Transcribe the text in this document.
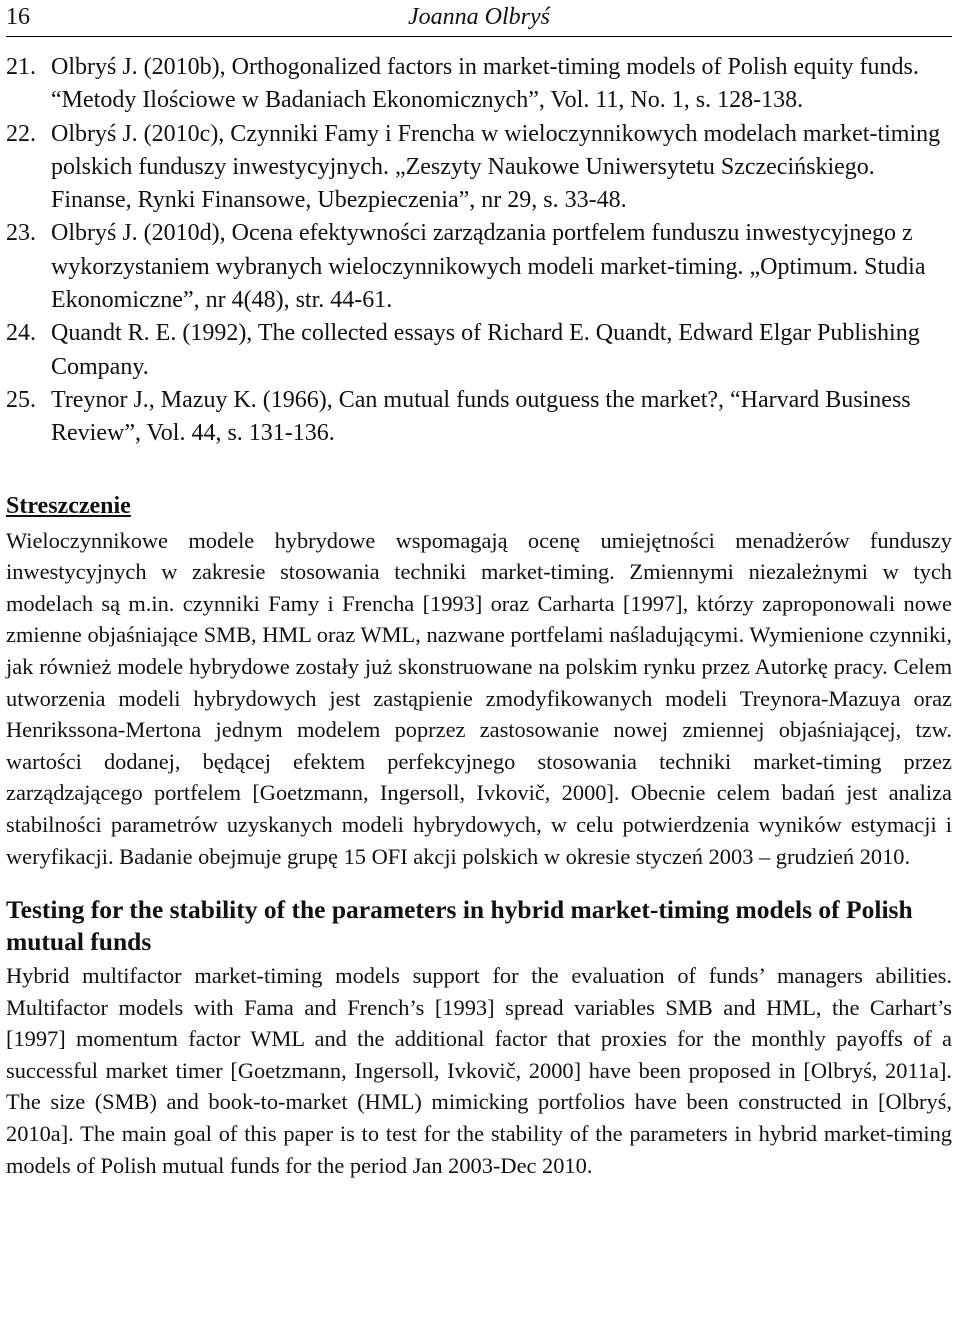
16	Joanna Olbryś
21. Olbryś J. (2010b), Orthogonalized factors in market-timing models of Polish equity funds. “Metody Ilościowe w Badaniach Ekonomicznych”, Vol. 11, No. 1, s. 128-138.
22. Olbryś J. (2010c), Czynniki Famy i Frencha w wieloczynnikowych modelach market-timing polskich funduszy inwestycyjnych. „Zeszyty Naukowe Uniwersytetu Szczecińskiego. Finanse, Rynki Finansowe, Ubezpieczenia”, nr 29, s. 33-48.
23. Olbryś J. (2010d), Ocena efektywności zarządzania portfelem funduszu inwestycyjnego z wykorzystaniem wybranych wieloczynnikowych modeli market-timing. „Optimum. Studia Ekonomiczne”, nr 4(48), str. 44-61.
24. Quandt R. E. (1992), The collected essays of Richard E. Quandt, Edward Elgar Publishing Company.
25. Treynor J., Mazuy K. (1966), Can mutual funds outguess the market?, “Harvard Business Review”, Vol. 44, s. 131-136.
Streszczenie
Wieloczynnikowe modele hybrydowe wspomagają ocenę umiejętności menadżerów funduszy inwestycyjnych w zakresie stosowania techniki market-timing. Zmiennymi niezależnymi w tych modelach są m.in. czynniki Famy i Frencha [1993] oraz Carharta [1997], którzy zaproponowali nowe zmienne objaśniające SMB, HML oraz WML, nazwane portfelami naśladującymi. Wymienione czynniki, jak również modele hybrydowe zostały już skonstruowane na polskim rynku przez Autorkę pracy. Celem utworzenia modeli hybrydowych jest zastąpienie zmodyfikowanych modeli Treynora-Mazuya oraz Henrikssona-Mertona jednym modelem poprzez zastosowanie nowej zmiennej objaśniającej, tzw. wartości dodanej, będącej efektem perfekcyjnego stosowania techniki market-timing przez zarządzającego portfelem [Goetzmann, Ingersoll, Ivkovič, 2000]. Obecnie celem badań jest analiza stabilności parametrów uzyskanych modeli hybrydowych, w celu potwierdzenia wyników estymacji i weryfikacji. Badanie obejmuje grupę 15 OFI akcji polskich w okresie styczeń 2003 – grudzień 2010.
Testing for the stability of the parameters in hybrid market-timing models of Polish mutual funds
Hybrid multifactor market-timing models support for the evaluation of funds’ managers abilities. Multifactor models with Fama and French’s [1993] spread variables SMB and HML, the Carhart’s [1997] momentum factor WML and the additional factor that proxies for the monthly payoffs of a successful market timer [Goetzmann, Ingersoll, Ivkovič, 2000] have been proposed in [Olbryś, 2011a]. The size (SMB) and book-to-market (HML) mimicking portfolios have been constructed in [Olbryś, 2010a]. The main goal of this paper is to test for the stability of the parameters in hybrid market-timing models of Polish mutual funds for the period Jan 2003-Dec 2010.
